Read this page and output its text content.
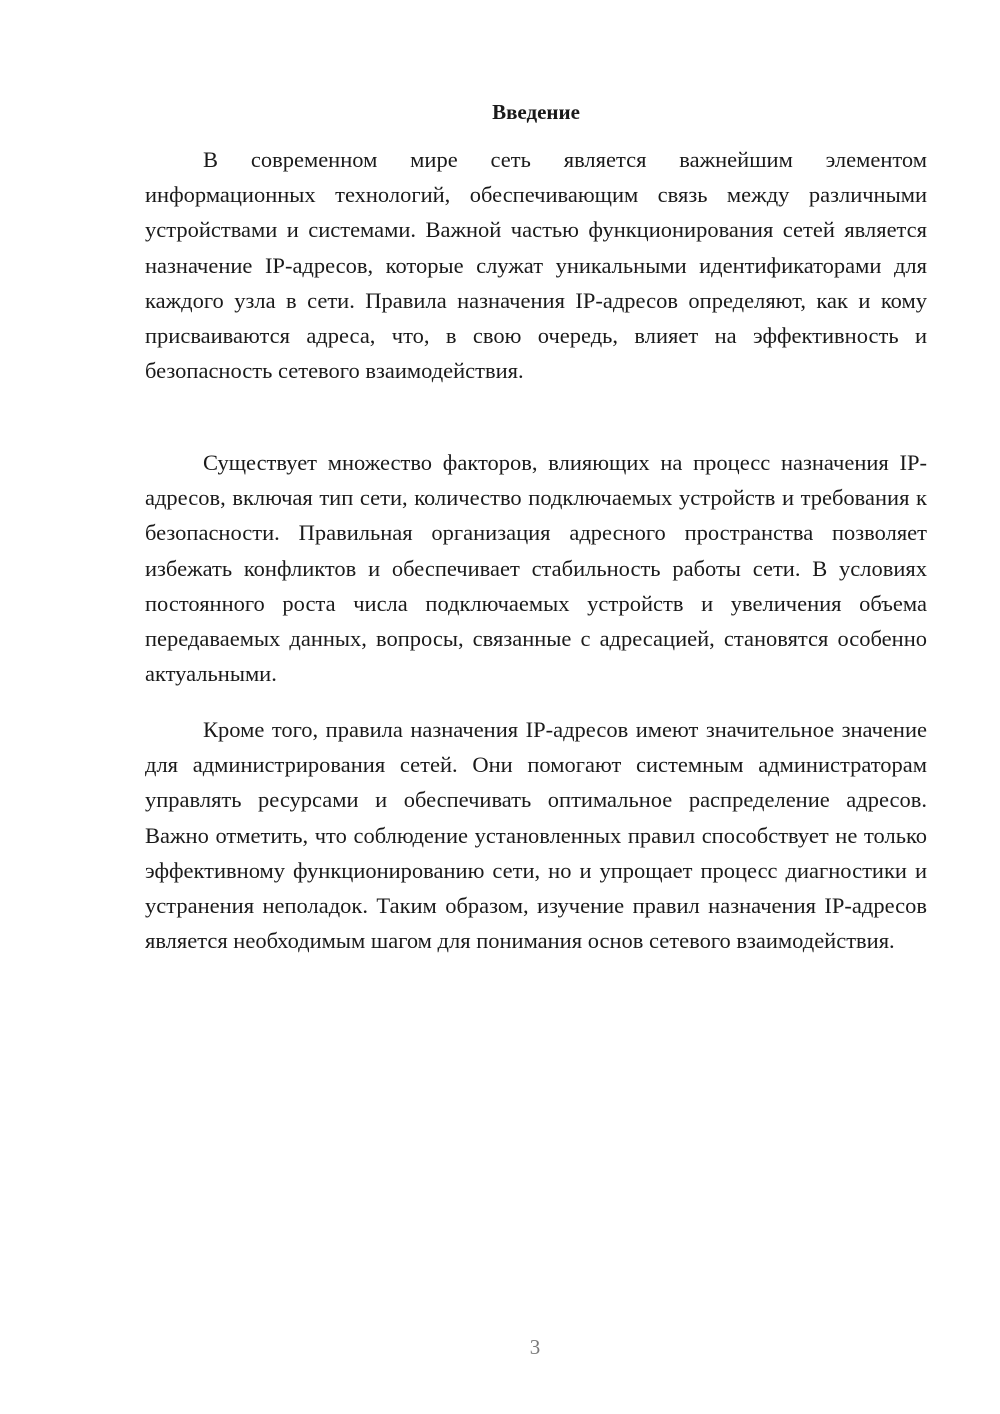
Введение

В современном мире сеть является важнейшим элементом информационных технологий, обеспечивающим связь между различными устройствами и системами. Важной частью функционирования сетей является назначение IP-адресов, которые служат уникальными идентификаторами для каждого узла в сети. Правила назначения IP-адресов определяют, как и кому присваиваются адреса, что, в свою очередь, влияет на эффективность и безопасность сетевого взаимодействия.

Существует множество факторов, влияющих на процесс назначения IP-адресов, включая тип сети, количество подключаемых устройств и требования к безопасности. Правильная организация адресного пространства позволяет избежать конфликтов и обеспечивает стабильность работы сети. В условиях постоянного роста числа подключаемых устройств и увеличения объема передаваемых данных, вопросы, связанные с адресацией, становятся особенно актуальными.

Кроме того, правила назначения IP-адресов имеют значительное значение для администрирования сетей. Они помогают системным администраторам управлять ресурсами и обеспечивать оптимальное распределение адресов. Важно отметить, что соблюдение установленных правил способствует не только эффективному функционированию сети, но и упрощает процесс диагностики и устранения неполадок. Таким образом, изучение правил назначения IP-адресов является необходимым шагом для понимания основ сетевого взаимодействия.

3
